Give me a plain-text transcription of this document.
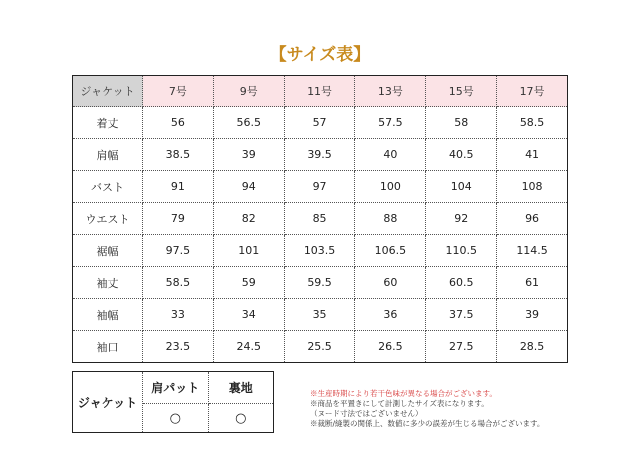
【サイズ表】
ジャケット	7号	9号	11号	13号	15号	17号
着丈	56	56.5	57	57.5	58	58.5
肩幅	38.5	39	39.5	40	40.5	41
バスト	91	94	97	100	104	108
ウエスト	79	82	85	88	92	96
裾幅	97.5	101	103.5	106.5	110.5	114.5
袖丈	58.5	59	59.5	60	60.5	61
袖幅	33	34	35	36	37.5	39
袖口	23.5	24.5	25.5	26.5	27.5	28.5
ジャケット	肩パット	裏地
	○	○
※生産時期により若干色味が異なる場合がございます。
※商品を平置きにして計測したサイズ表になります。
（ヌード寸法ではございません）
※裁断/縫製の関係上、数値に多少の誤差が生じる場合がございます。
